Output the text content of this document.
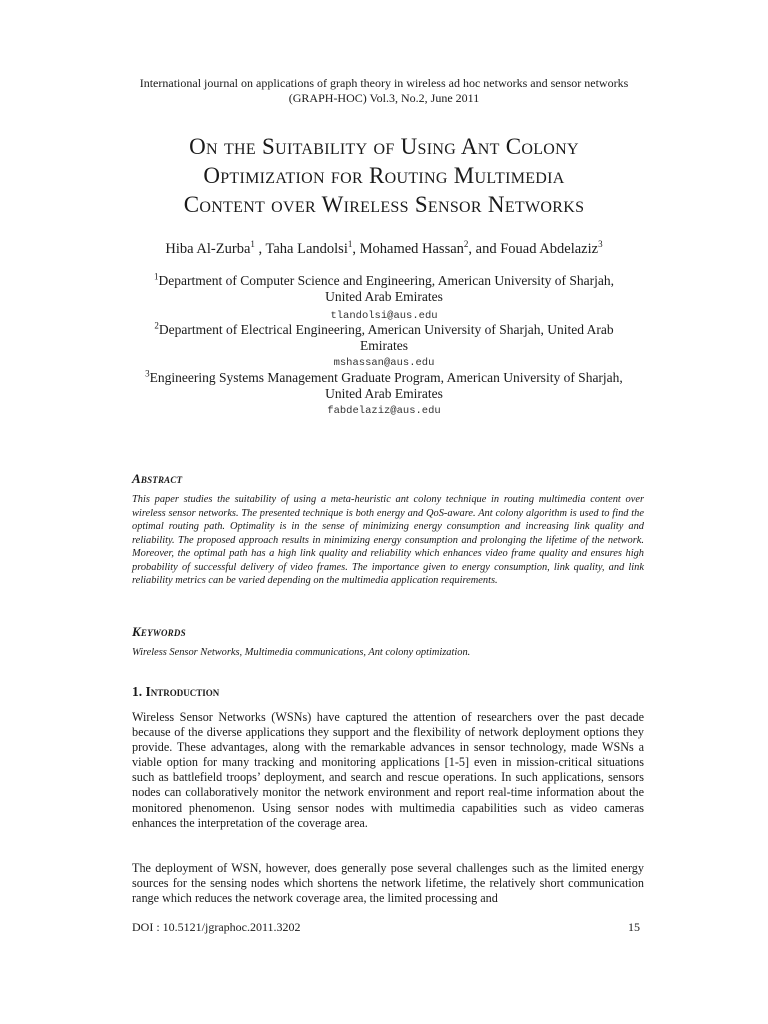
International journal on applications of graph theory in wireless ad hoc networks and sensor networks
(GRAPH-HOC) Vol.3, No.2, June 2011
On the Suitability of Using Ant Colony
Optimization for Routing Multimedia
Content over Wireless Sensor Networks
Hiba Al-Zurba$^1$ , Taha Landolsi$^1$, Mohamed Hassan$^2$, and Fouad Abdelaziz$^3$
$^1$Department of Computer Science and Engineering, American University of Sharjah,
United Arab Emirates
tlandolsi@aus.edu
$^2$Department of Electrical Engineering, American University of Sharjah, United Arab
Emirates
mshassan@aus.edu
$^3$Engineering Systems Management Graduate Program, American University of Sharjah,
United Arab Emirates
fabdelaziz@aus.edu
Abstract
This paper studies the suitability of using a meta-heuristic ant colony technique in routing multimedia content over wireless sensor networks. The presented technique is both energy and QoS-aware. Ant colony algorithm is used to find the optimal routing path. Optimality is in the sense of minimizing energy consumption and increasing link quality and reliability. The proposed approach results in minimizing energy consumption and prolonging the lifetime of the network. Moreover, the optimal path has a high link quality and reliability which enhances video frame quality and ensures high probability of successful delivery of video frames. The importance given to energy consumption, link quality, and link reliability metrics can be varied depending on the multimedia application requirements.
Keywords
Wireless Sensor Networks, Multimedia communications, Ant colony optimization.
1. Introduction
Wireless Sensor Networks (WSNs) have captured the attention of researchers over the past decade because of the diverse applications they support and the flexibility of network deployment options they provide. These advantages, along with the remarkable advances in sensor technology, made WSNs a viable option for many tracking and monitoring applications [1-5] even in mission-critical situations such as battlefield troops’ deployment, and search and rescue operations. In such applications, sensors nodes can collaboratively monitor the network environment and report real-time information about the monitored phenomenon. Using sensor nodes with multimedia capabilities such as video cameras enhances the interpretation of the coverage area.
The deployment of WSN, however, does generally pose several challenges such as the limited energy sources for the sensing nodes which shortens the network lifetime, the relatively short communication range which reduces the network coverage area, the limited processing and
DOI : 10.5121/jgraphoc.2011.3202	15
